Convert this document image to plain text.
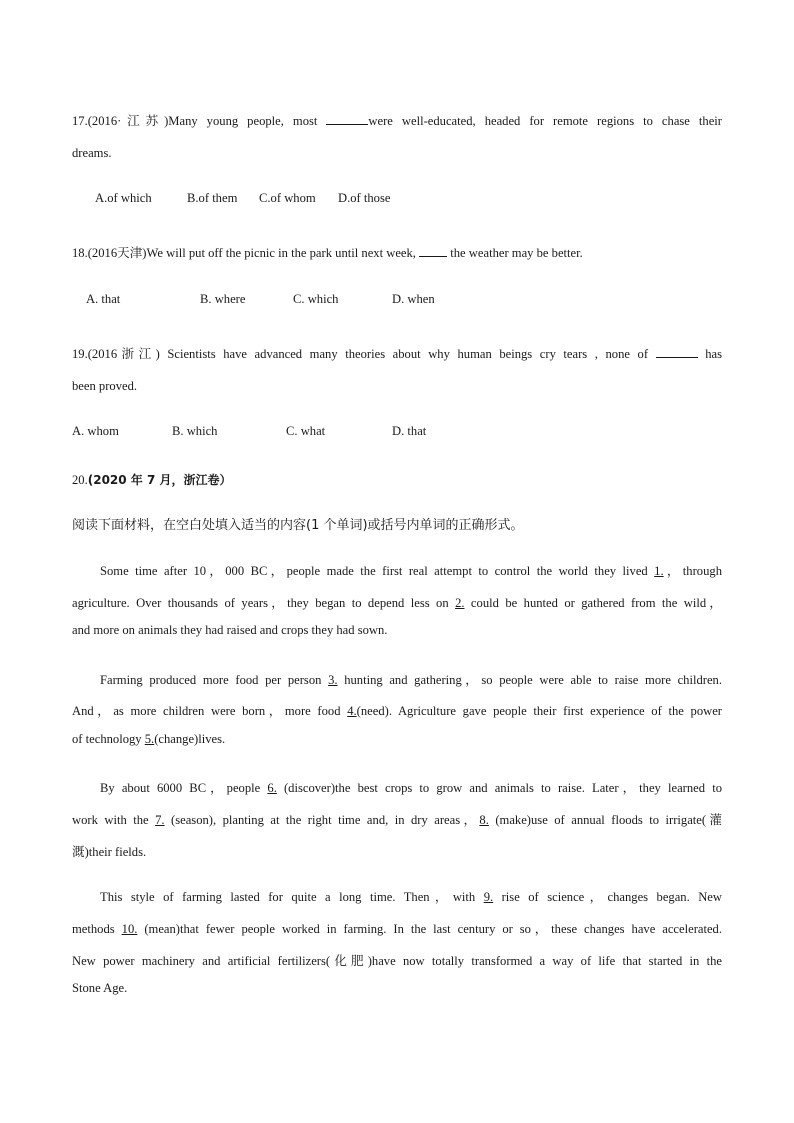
17.(2016·江苏)Many young people, most	were well-educated, headed for remote regions to chase their
dreams.
A.of which	B.of them C.of whom D.of those
18.(2016天津)We will put off the picnic in the park until next week,  the weather may be better.
A. that	B. where	C. which	D. when
19.(2016浙江) Scientists have advanced many theories about why human beings cry tears , none of	has
been proved.
A. whom	B. which	C. what	D. that
20.(2020 年 7 月，浙江卷）
阅读下面材料，在空白处填入适当的内容(1 个单词)或括号内单词的正确形式。
Some time after 10，000 BC，people made the first real attempt to control the world they lived 1.，through
agriculture. Over thousands of years，they began to depend less on 2. could be hunted or gathered from the wild，
and more on animals they had raised and crops they had sown.
Farming produced more food per person 3. hunting and gathering，so people were able to raise more children.
And，as more children were born，more food 4.(need). Agriculture gave people their first experience of the power
of technology 5.(change)lives.
By about 6000 BC，people 6. (discover)the best crops to grow and animals to raise. Later，they learned to
work with the 7. (season), planting at the right time and, in dry areas，8. (make)use of annual floods to irrigate(灌
溉)their fields.
This style of farming lasted for quite a long time. Then，with 9. rise of science，changes began. New
methods 10. (mean)that fewer people worked in farming. In the last century or so，these changes have accelerated.
New power machinery and artificial fertilizers(化肥)have now totally transformed a way of life that started in the
Stone Age.
